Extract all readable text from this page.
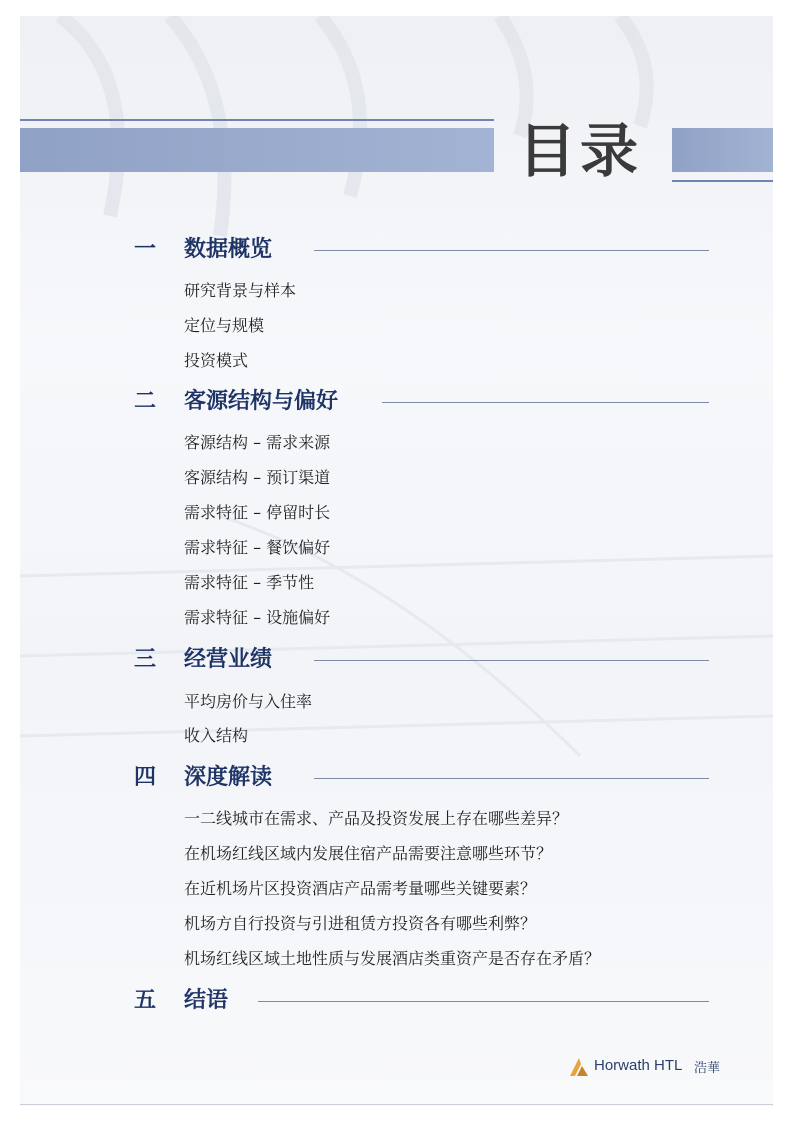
目录
一 数据概览
研究背景与样本
定位与规模
投资模式
二 客源结构与偏好
客源结构 – 需求来源
客源结构 – 预订渠道
需求特征 – 停留时长
需求特征 – 餐饮偏好
需求特征 – 季节性
需求特征 – 设施偏好
三 经营业绩
平均房价与入住率
收入结构
四 深度解读
一二线城市在需求、产品及投资发展上存在哪些差异？
在机场红线区域内发展住宿产品需要注意哪些环节？
在近机场片区投资酒店产品需考量哪些关键要素？
机场方自行投资与引进租赁方投资各有哪些利弊？
机场红线区域土地性质与发展酒店类重资产是否存在矛盾？
五 结语
Horwath HTL 浩華
